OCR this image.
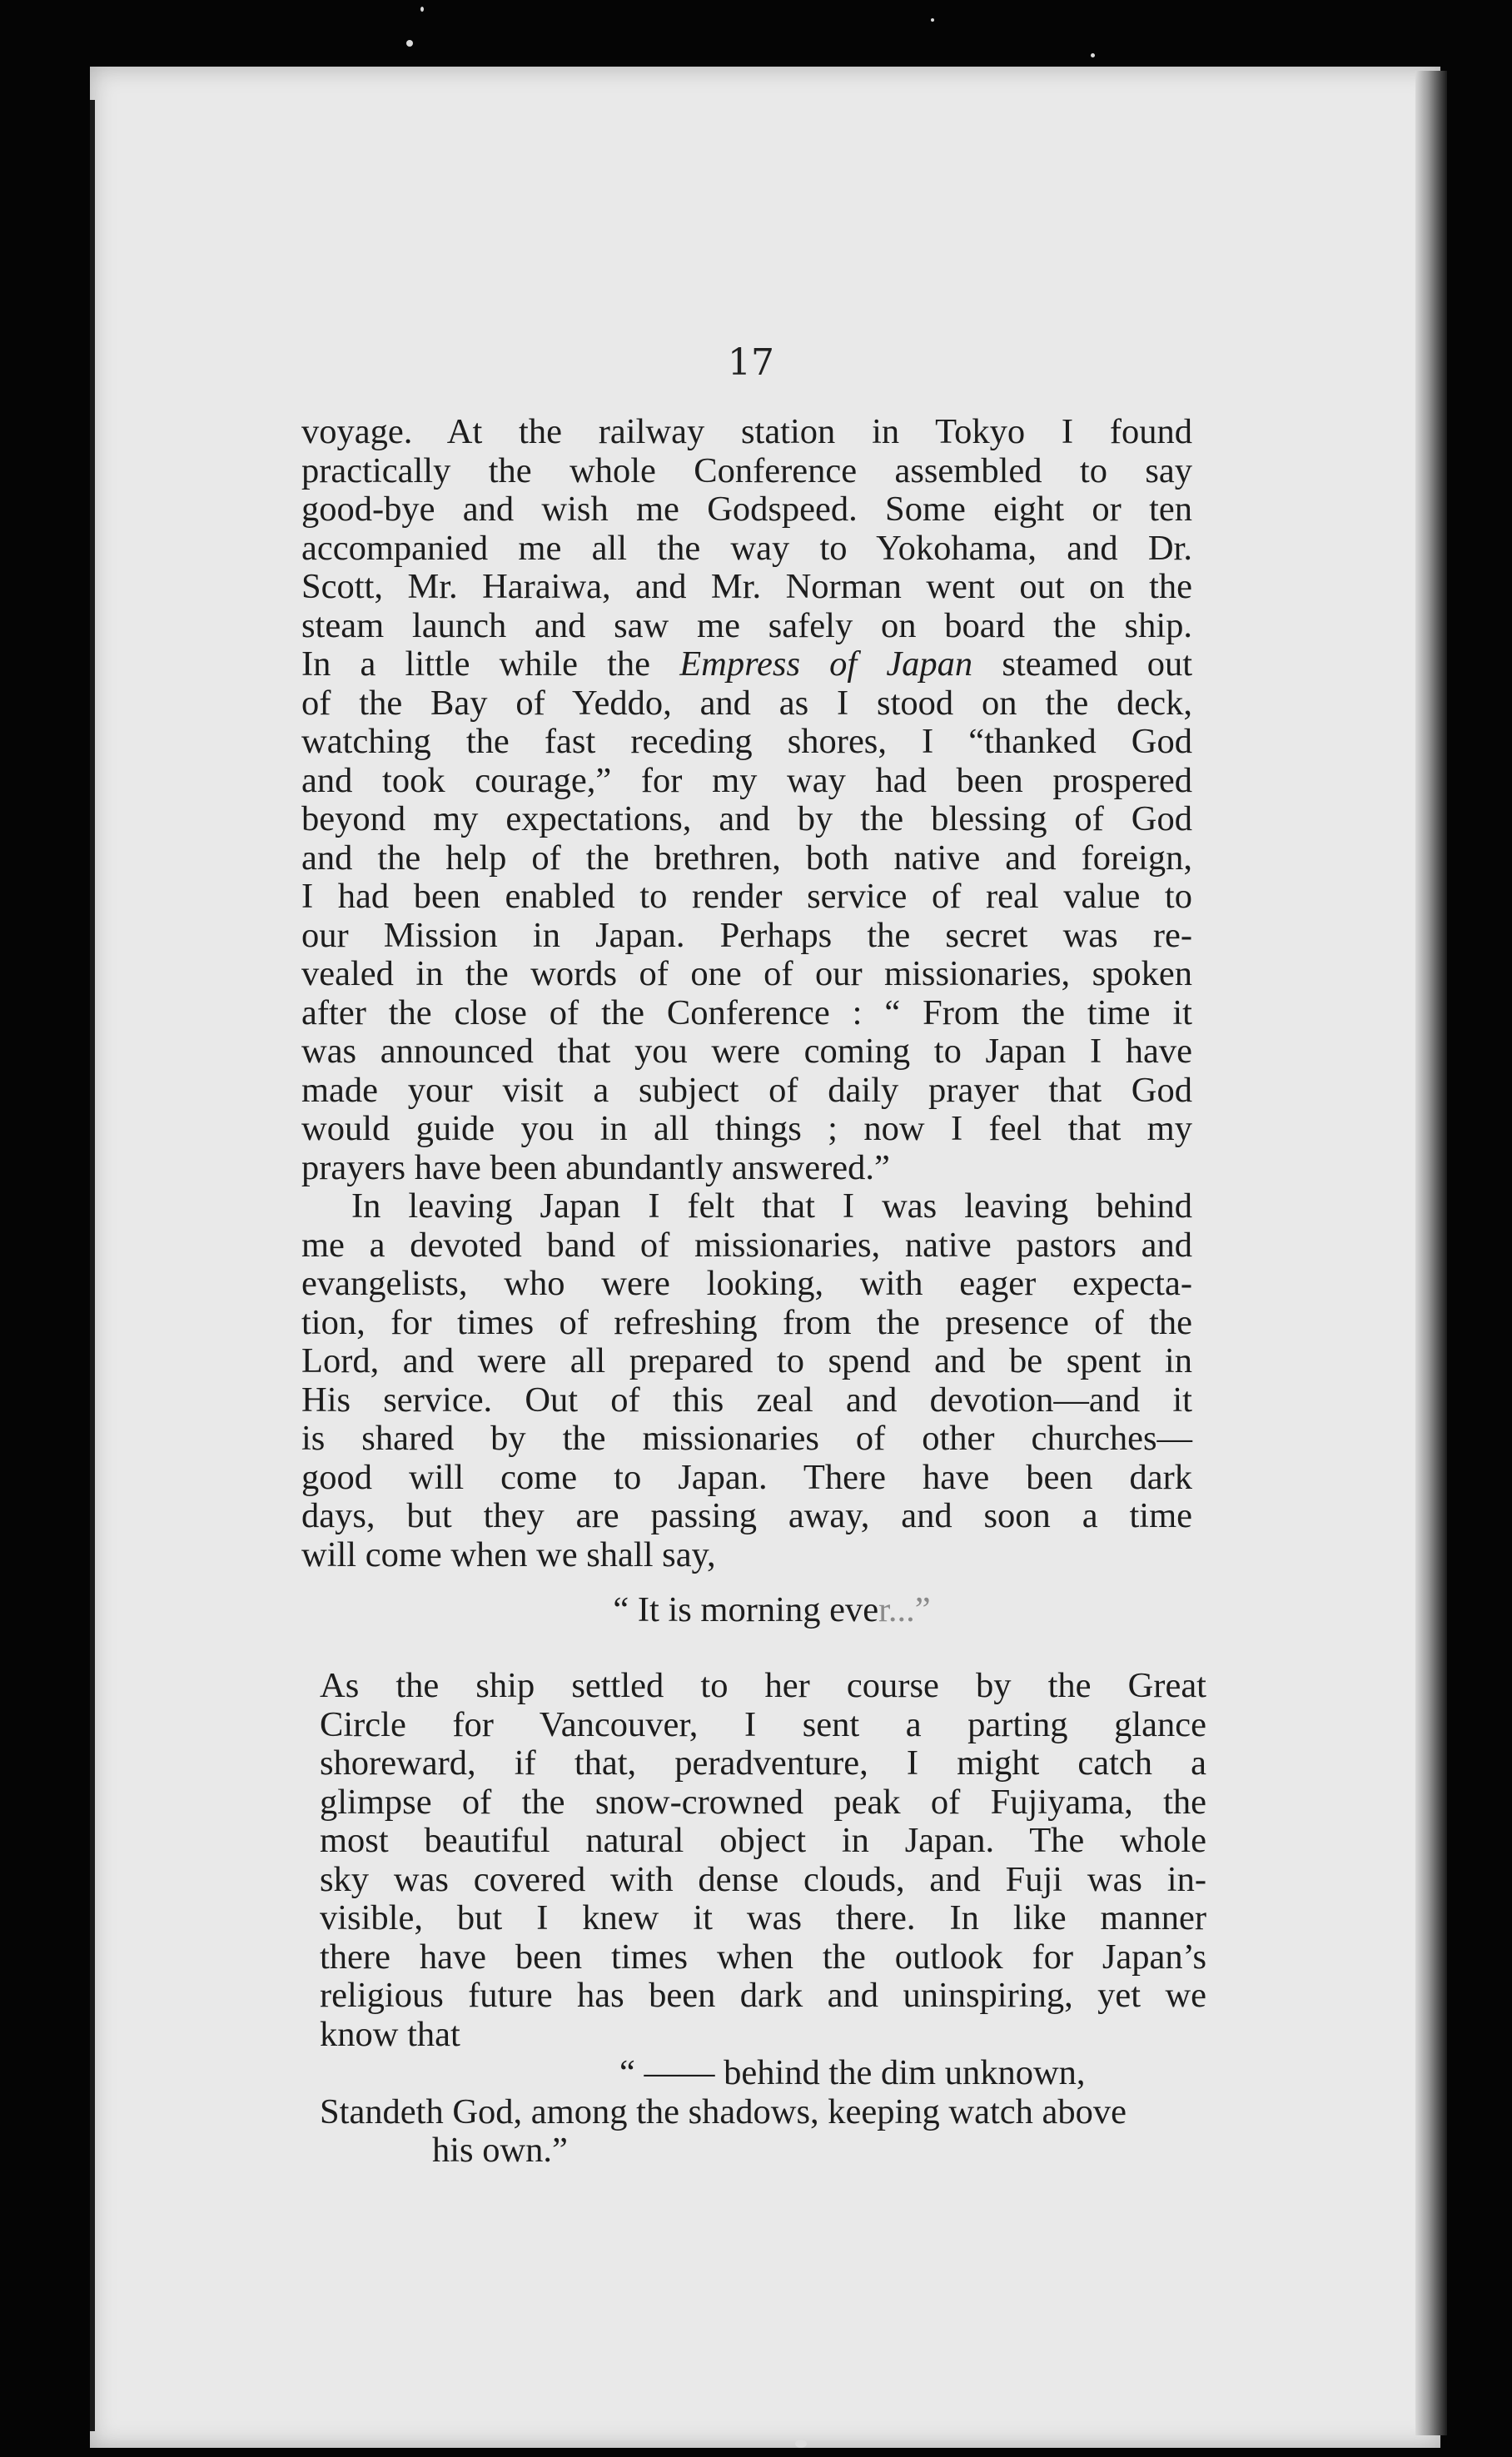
17
voyage. At the railway station in Tokyo I found
practically the whole Conference assembled to say
good-bye and wish me Godspeed. Some eight or ten
accompanied me all the way to Yokohama, and Dr.
Scott, Mr. Haraiwa, and Mr. Norman went out on the
steam launch and saw me safely on board the ship.
In a little while the Empress of Japan steamed out
of the Bay of Yeddo, and as I stood on the deck,
watching the fast receding shores, I “thanked God
and took courage,” for my way had been prospered
beyond my expectations, and by the blessing of God
and the help of the brethren, both native and foreign,
I had been enabled to render service of real value to
our Mission in Japan. Perhaps the secret was re-
vealed in the words of one of our missionaries, spoken
after the close of the Conference : “ From the time it
was announced that you were coming to Japan I have
made your visit a subject of daily prayer that God
would guide you in all things ; now I feel that my
prayers have been abundantly answered.”
In leaving Japan I felt that I was leaving behind
me a devoted band of missionaries, native pastors and
evangelists, who were looking, with eager expecta-
tion, for times of refreshing from the presence of the
Lord, and were all prepared to spend and be spent in
His service. Out of this zeal and devotion—and it
is shared by the missionaries of other churches—
good will come to Japan. There have been dark
days, but they are passing away, and soon a time
will come when we shall say,
“ It is morning ever...”
As the ship settled to her course by the Great
Circle for Vancouver, I sent a parting glance
shoreward, if that, peradventure, I might catch a
glimpse of the snow-crowned peak of Fujiyama, the
most beautiful natural object in Japan. The whole
sky was covered with dense clouds, and Fuji was in-
visible, but I knew it was there. In like manner
there have been times when the outlook for Japan’s
religious future has been dark and uninspiring, yet we
know that
“ —— behind the dim unknown,
Standeth God, among the shadows, keeping watch above
his own.”
